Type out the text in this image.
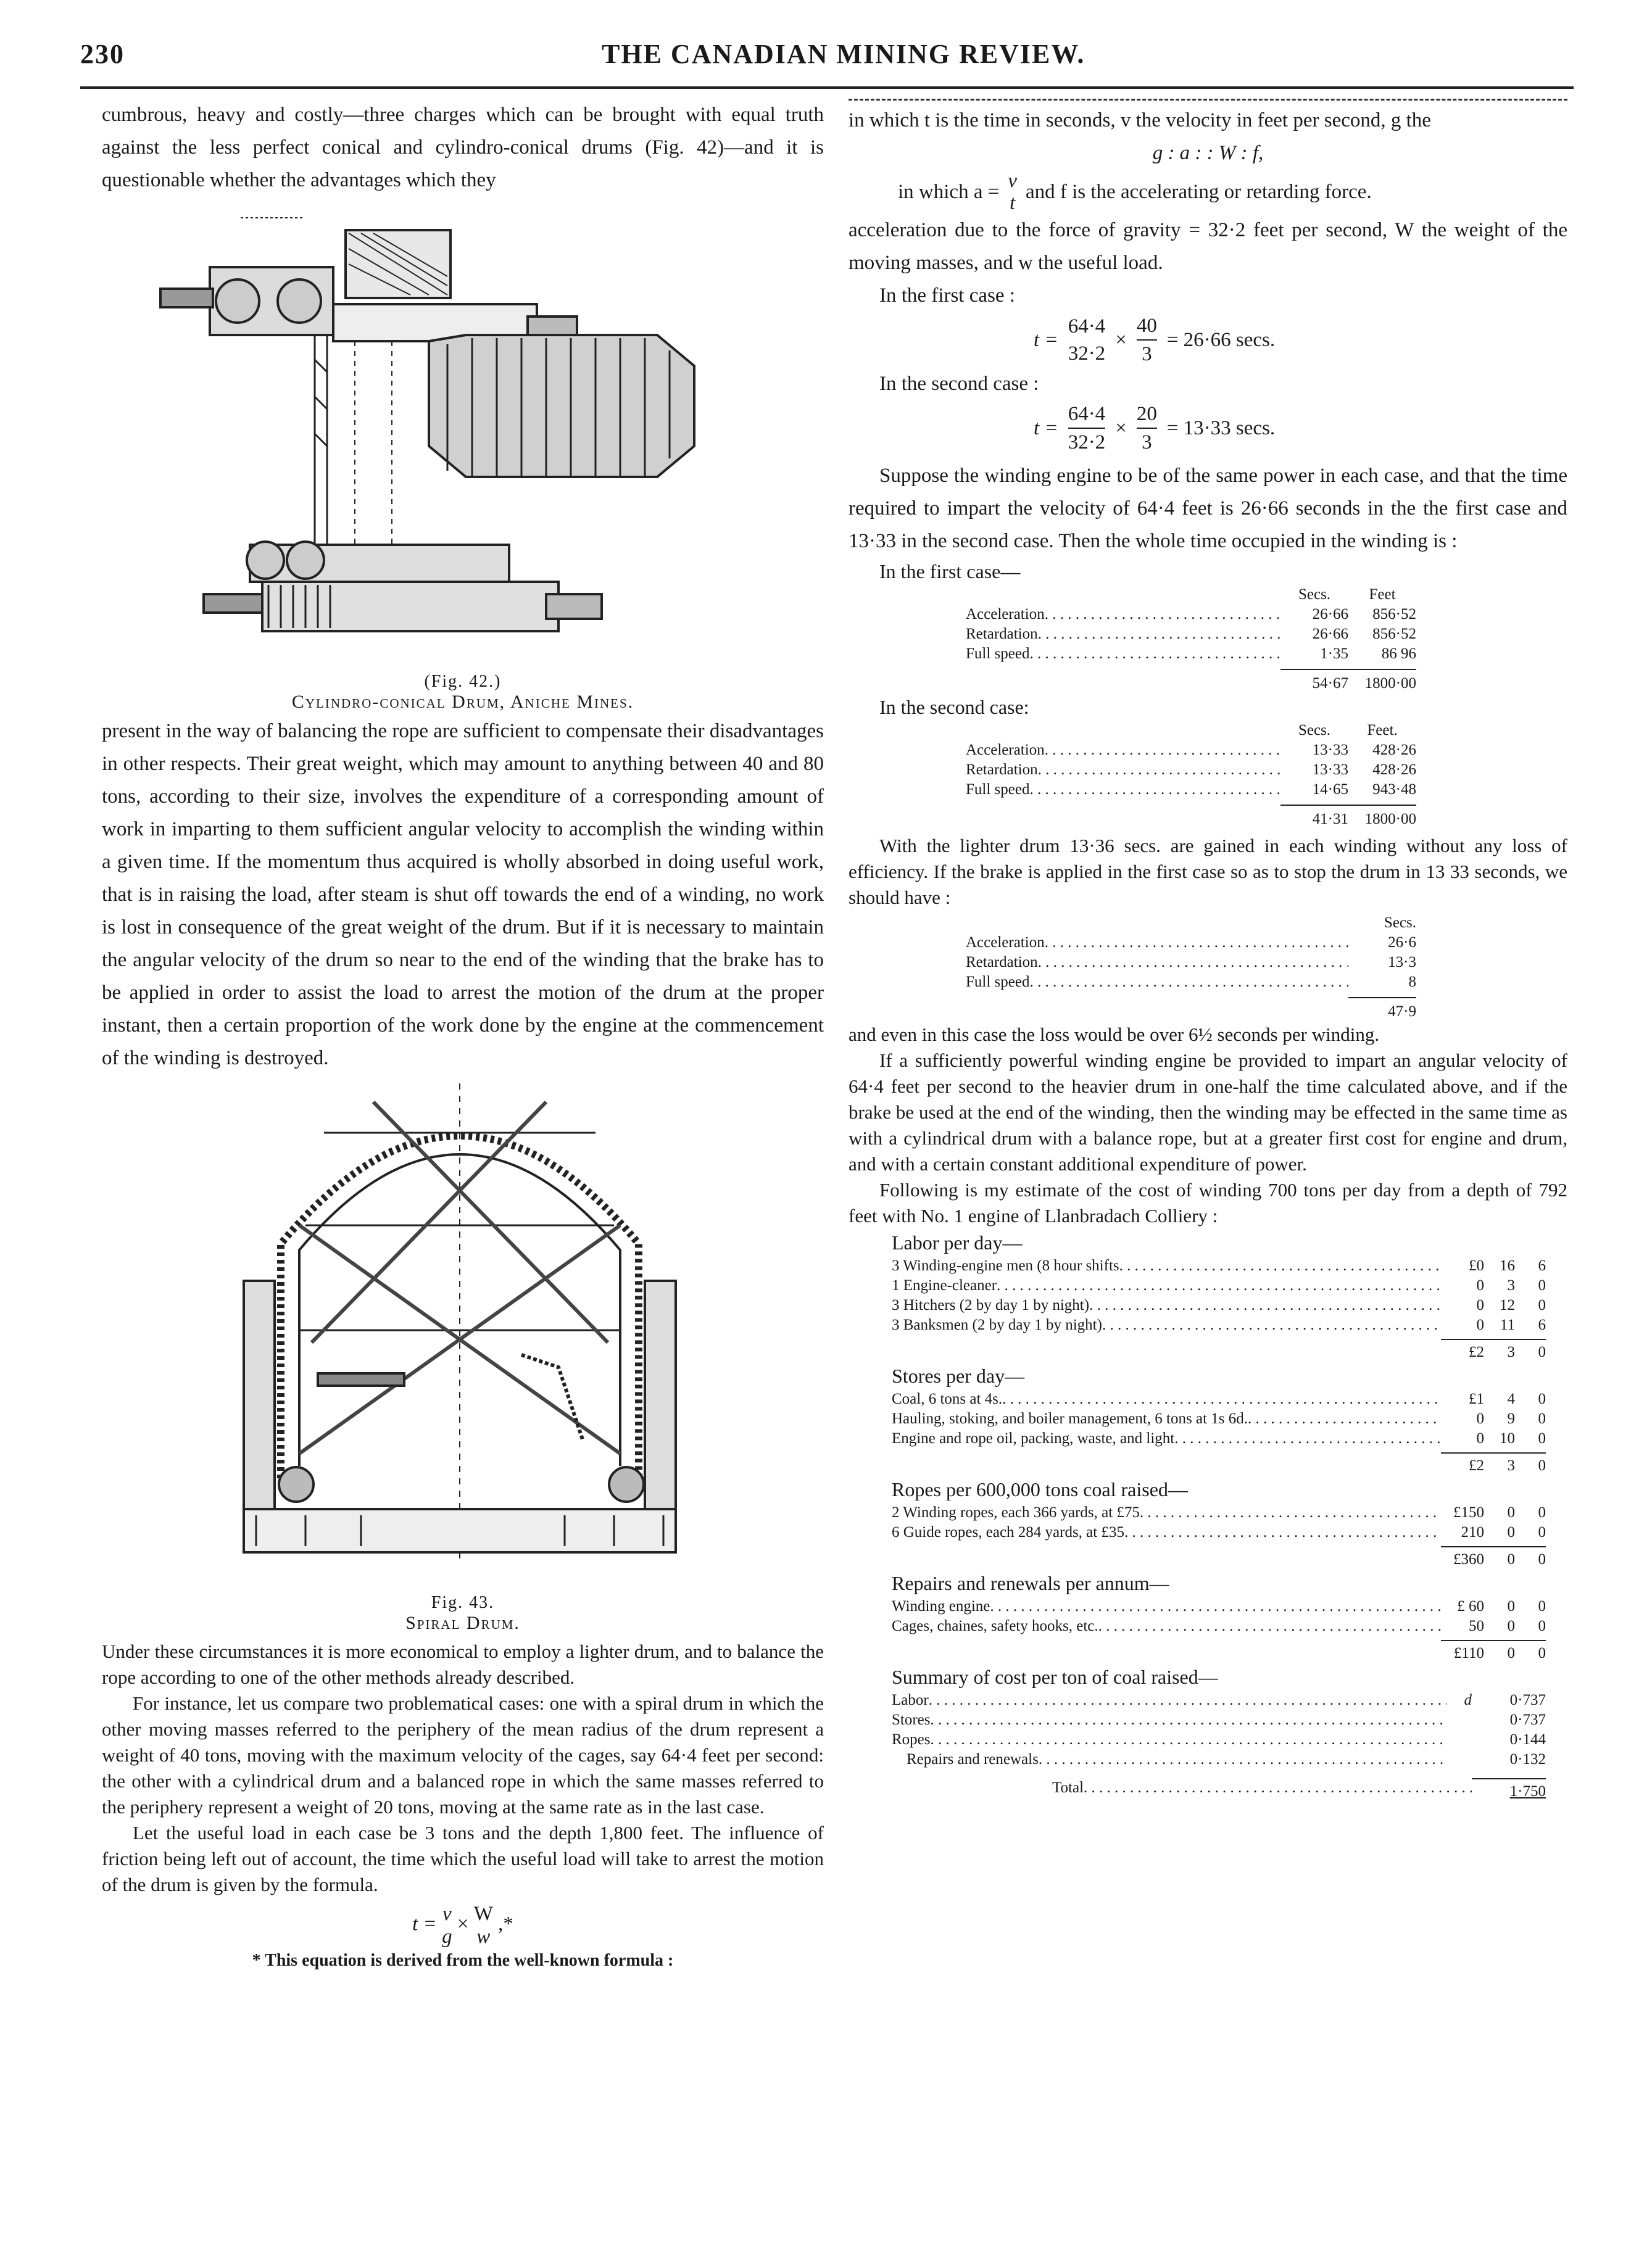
230	THE CANADIAN MINING REVIEW.

cumbrous, heavy and costly—three charges which can be brought with equal truth against the less perfect conical and cylindro-conical drums (Fig. 42)—and it is questionable whether the advantages which they

(Fig. 42.)
Cylindro-conical Drum, Aniche Mines.

present in the way of balancing the rope are sufficient to compensate their disadvantages in other respects. Their great weight, which may amount to anything between 40 and 80 tons, according to their size, involves the expenditure of a corresponding amount of work in imparting to them sufficient angular velocity to accomplish the winding within a given time. If the momentum thus acquired is wholly absorbed in doing useful work, that is in raising the load, after steam is shut off towards the end of a winding, no work is lost in consequence of the great weight of the drum. But if it is necessary to maintain the angular velocity of the drum so near to the end of the winding that the brake has to be applied in order to assist the load to arrest the motion of the drum at the proper instant, then a certain proportion of the work done by the engine at the commencement of the winding is destroyed.

Fig. 43.
Spiral Drum.

Under these circumstances it is more economical to employ a lighter drum, and to balance the rope according to one of the other methods already described.

For instance, let us compare two problematical cases: one with a spiral drum in which the other moving masses referred to the periphery of the mean radius of the drum represent a weight of 40 tons, moving with the maximum velocity of the cages, say 64·4 feet per second: the other with a cylindrical drum and a balanced rope in which the same masses referred to the periphery represent a weight of 20 tons, moving at the same rate as in the last case.

Let the useful load in each case be 3 tons and the depth 1,800 feet. The influence of friction being left out of account, the time which the useful load will take to arrest the motion of the drum is given by the formula.

t = v
g
× W
w
,*
* This equation is derived from the well-known formula :

in which t is the time in seconds, v the velocity in feet per second, g the

g : a : : W : f,
in which a = v
t
and f is the accelerating or retarding force.

acceleration due to the force of gravity = 32·2 feet per second, W the weight of the moving masses, and w the useful load.

In the first case :
t =
64·4
32·2
× $\frac{40}{3} = 26\cdot 66$ secs.
In the second case :
$t = \frac{64\cdot 4}{32\cdot 2} \times \frac{20}{3} = 13\cdot 33$ secs.

Suppose the winding engine to be of the same power in each case, and that the time required to impart the velocity of 64·4 feet is 26·66 seconds in the the first case and 13·33 in the second case. Then the whole time occupied in the winding is :

In the first case—
Secs.	Feet
Acceleration . . .	26·66	856·52
Retardation . . .	26·66	856·52
Full speed . . .	1·35	86 96
54·67	1800·00
In the second case:
Secs.	Feet.
Acceleration . . .	13·33	428·26
Retardation . . .	13·33	428·26
Full speed . . .	14·65	943·48
41·31	1800·00

With the lighter drum 13·36 secs. are gained in each winding without any loss of efficiency. If the brake is applied in the first case so as to stop the drum in 13 33 seconds, we should have :

Secs.
Acceleration . . .	26·6
Retardation . . .	13·3
Full speed . . .	8
47·9

and even in this case the loss would be over 6½ seconds per winding.

If a sufficiently powerful winding engine be provided to impart an angular velocity of 64·4 feet per second to the heavier drum in one-half the time calculated above, and if the brake be used at the end of the winding, then the winding may be effected in the same time as with a cylindrical drum with a balance rope, but at a greater first cost for engine and drum, and with a certain constant additional expenditure of power.

Following is my estimate of the cost of winding 700 tons per day from a depth of 792 feet with No. 1 engine of Llanbradach Colliery :

Labor per day—
3 Winding-engine men (8 hour shifts . . .	£0	16	6
1 Engine-cleaner . . .	0	3	0
3 Hitchers (2 by day 1 by night) . . .	0	12	0
3 Banksmen (2 by day 1 by night) . . .	0	11	6
£2	3	0
Stores per day—
Coal, 6 tons at 4s. . . .	£1	4	0
Hauling, stoking, and boiler management, 6 tons at 1s 6d. . . .	0	9	0
Engine and rope oil, packing, waste, and light . . .	0	10	0
£2	3	0
Ropes per 600,000 tons coal raised—
2 Winding ropes, each 366 yards, at £75 . . .	£150	0	0
6 Guide ropes, each 284 yards, at £35 . . .	210	0	0
£360	0	0
Repairs and renewals per annum—
Winding engine . . .	£ 60	0	0
Cages, chaines, safety hooks, etc. . . .	50	0	0
£110	0	0
Summary of cost per ton of coal raised—
Labor . . .	d	0·737
Stores . . .	0·737
Ropes . . .	0·144
Repairs and renewals . . .	0·132
Total . . .	1·750
